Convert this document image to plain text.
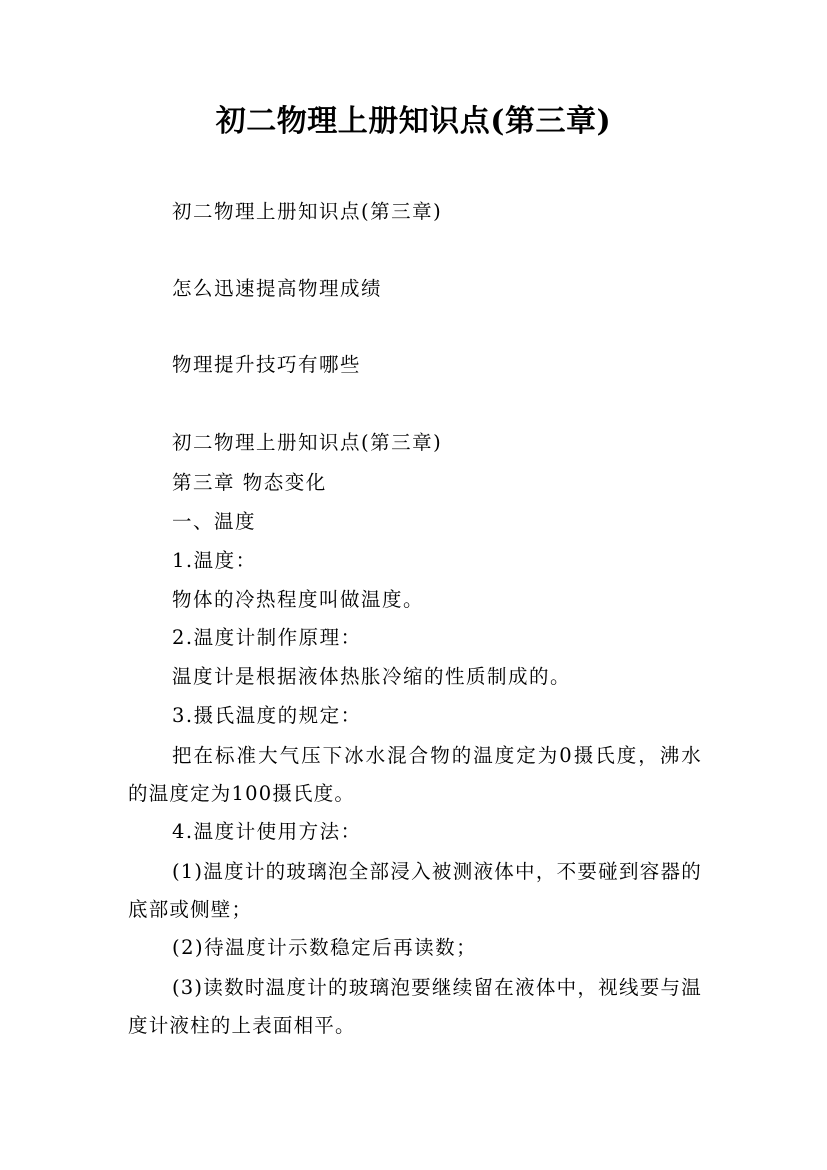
初二物理上册知识点(第三章)
初二物理上册知识点(第三章)
怎么迅速提高物理成绩
物理提升技巧有哪些
初二物理上册知识点(第三章)
第三章 物态变化
一、温度
1.温度：
物体的冷热程度叫做温度。
2.温度计制作原理：
温度计是根据液体热胀冷缩的性质制成的。
3.摄氏温度的规定：
把在标准大气压下冰水混合物的温度定为0摄氏度，沸水的温度定为100摄氏度。
4.温度计使用方法：
(1)温度计的玻璃泡全部浸入被测液体中，不要碰到容器的底部或侧壁；
(2)待温度计示数稳定后再读数；
(3)读数时温度计的玻璃泡要继续留在液体中，视线要与温度计液柱的上表面相平。
